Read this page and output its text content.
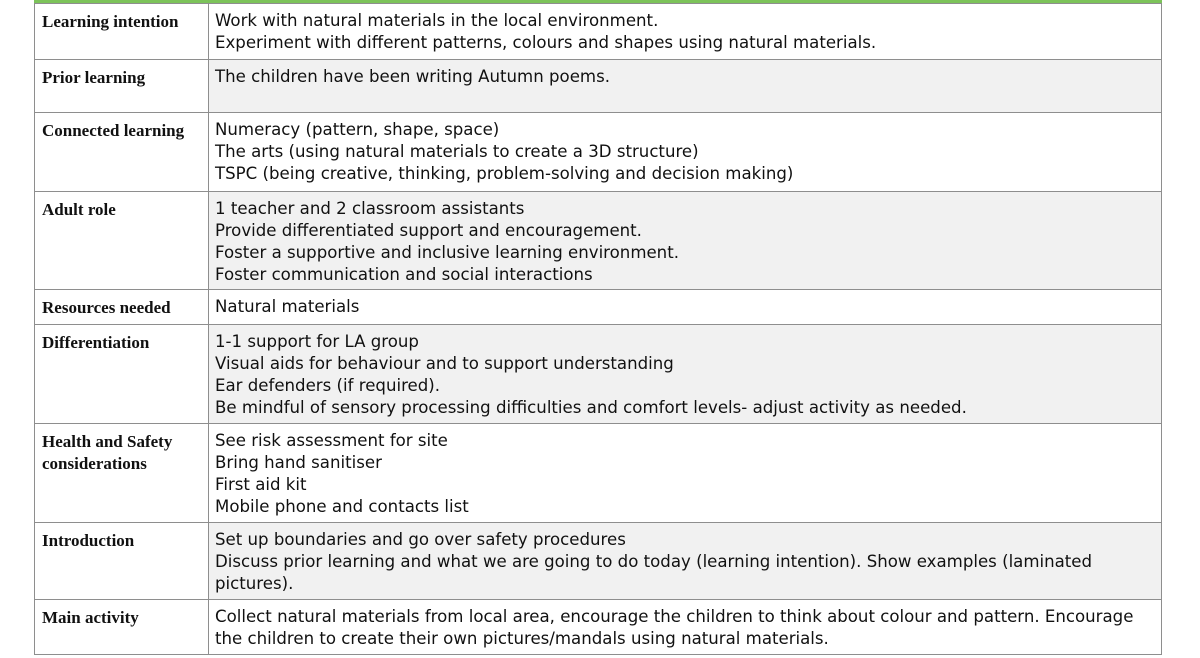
Learning intention	Work with natural materials in the local environment.
Experiment with different patterns, colours and shapes using natural materials.

Prior learning	The children have been writing Autumn poems.

Connected learning	Numeracy (pattern, shape, space)
The arts (using natural materials to create a 3D structure)
TSPC (being creative, thinking, problem-solving and decision making)

Adult role	1 teacher and 2 classroom assistants
Provide differentiated support and encouragement.
Foster a supportive and inclusive learning environment.
Foster communication and social interactions

Resources needed	Natural materials

Differentiation	1-1 support for LA group
Visual aids for behaviour and to support understanding
Ear defenders (if required).
Be mindful of sensory processing difficulties and comfort levels- adjust activity as needed.

Health and Safety
considerations	See risk assessment for site
Bring hand sanitiser
First aid kit
Mobile phone and contacts list

Introduction	Set up boundaries and go over safety procedures
Discuss prior learning and what we are going to do today (learning intention). Show examples (laminated
pictures).

Main activity	Collect natural materials from local area, encourage the children to think about colour and pattern. Encourage
the children to create their own pictures/mandals using natural materials.
